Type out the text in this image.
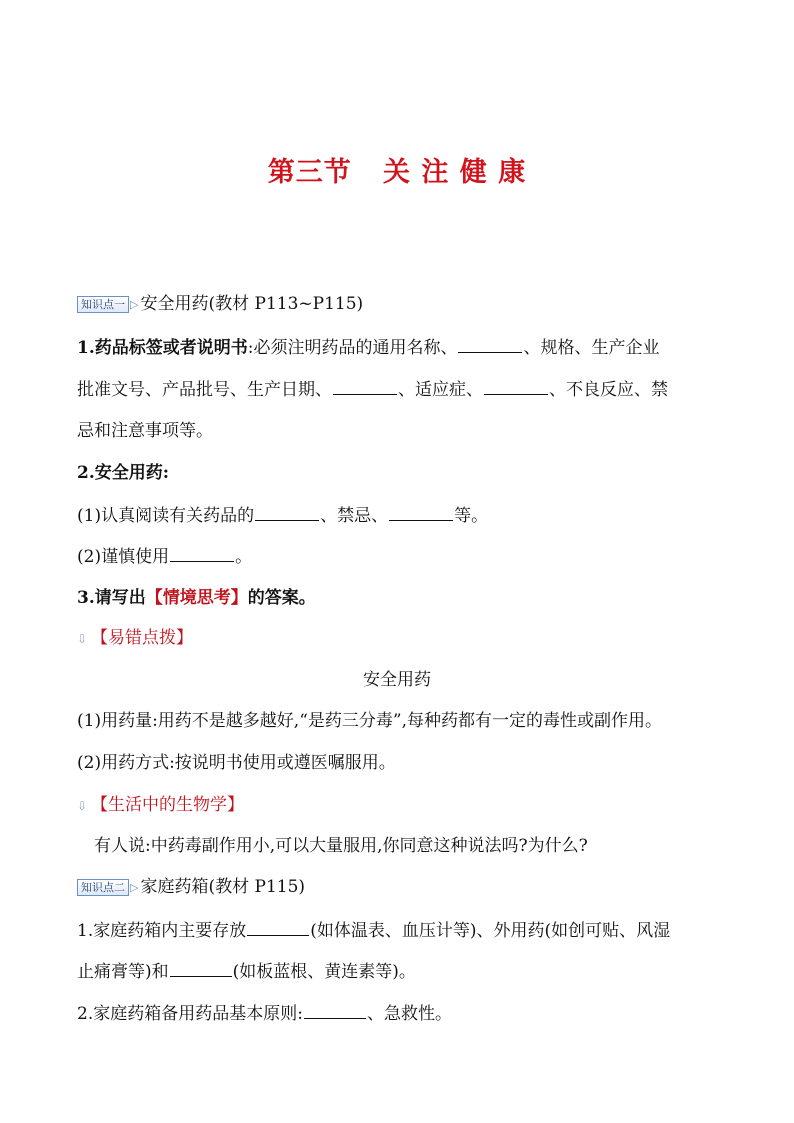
第三节   关 注 健 康
知识点一 ▷ 安全用药(教材 P113~P115)
1.药品标签或者说明书:必须注明药品的通用名称、	、规格、生产企业
批准文号、产品批号、生产日期、	、适应症、	、不良反应、禁
忌和注意事项等。
2.安全用药:
(1)认真阅读有关药品的	、禁忌、	等。
(2)谨慎使用	。
3.请写出【情境思考】的答案。
⇩ 【易错点拨】
安全用药
(1)用药量:用药不是越多越好,“是药三分毒”,每种药都有一定的毒性或副作用。
(2)用药方式:按说明书使用或遵医嘱服用。
⇩ 【生活中的生物学】
有人说:中药毒副作用小,可以大量服用,你同意这种说法吗?为什么?
知识点二 ▷ 家庭药箱(教材 P115)
1.家庭药箱内主要存放	(如体温表、血压计等)、外用药(如创可贴、风湿
止痛膏等)和	(如板蓝根、黄连素等)。
2.家庭药箱备用药品基本原则:	、急救性。
